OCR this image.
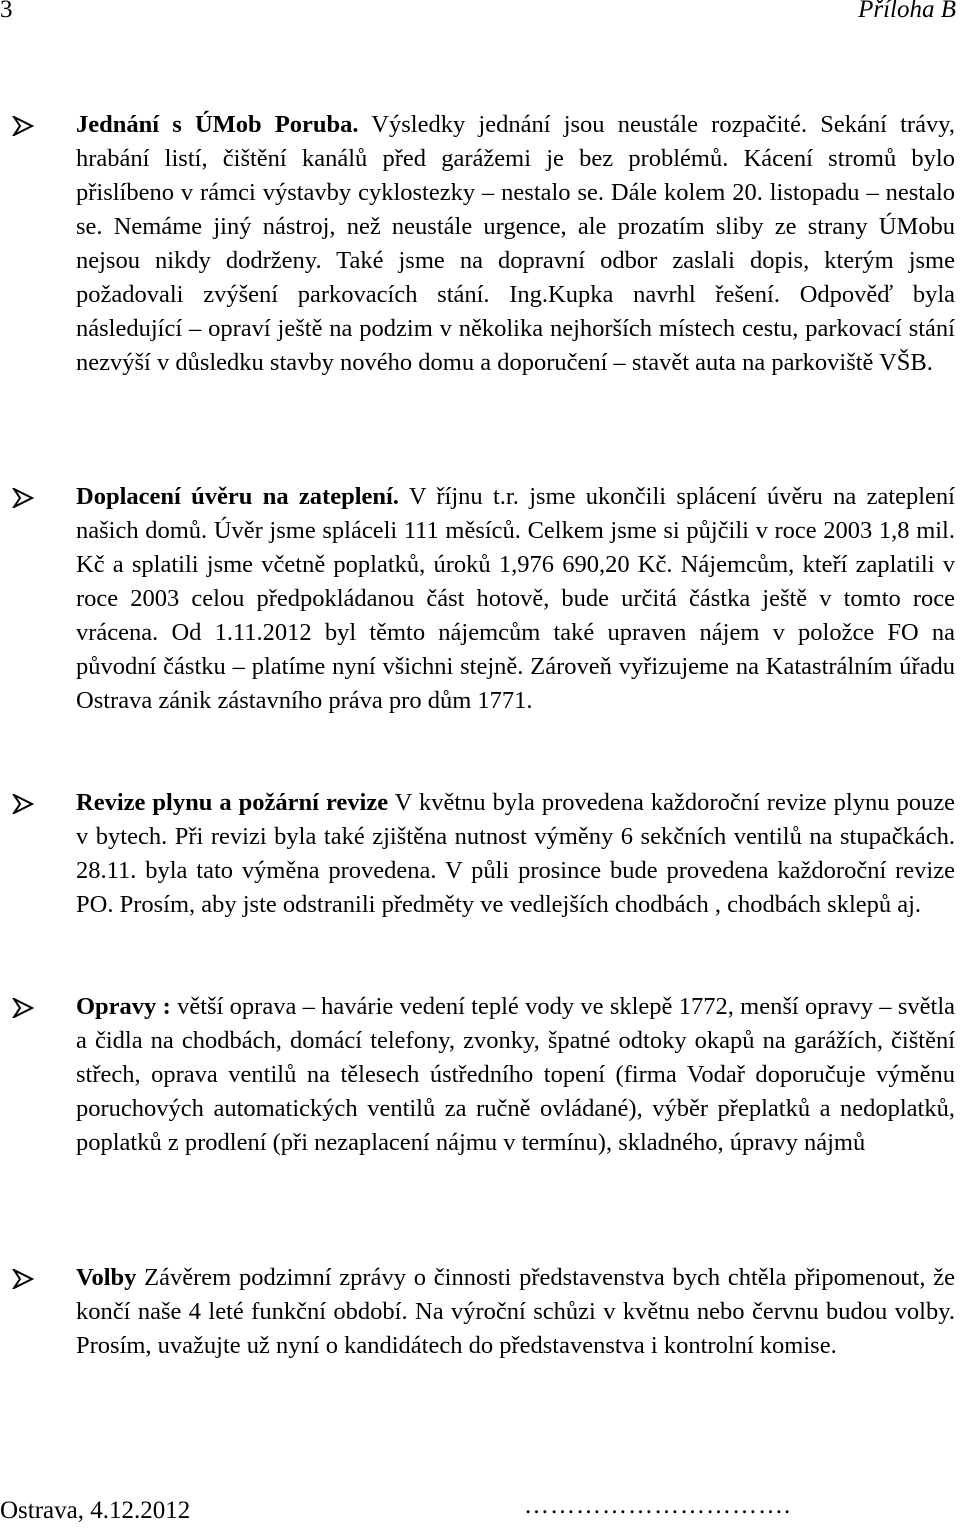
3	Příloha B
Jednání s ÚMob Poruba. Výsledky jednání jsou neustále rozpačité. Sekání trávy, hrabání listí, čištění kanálů před garážemi je bez problémů. Kácení stromů bylo přislíbeno v rámci výstavby cyklostezky – nestalo se. Dále kolem 20. listopadu – nestalo se. Nemáme jiný nástroj, než neustále urgence, ale prozatím sliby ze strany ÚMobu nejsou nikdy dodrženy. Také jsme na dopravní odbor zaslali dopis, kterým jsme požadovali zvýšení parkovacích stání. Ing.Kupka navrhl řešení. Odpověď byla následující – opraví ještě na podzim v několika nejhorších místech cestu, parkovací stání nezvýší v důsledku stavby nového domu a doporučení – stavět auta na parkoviště VŠB.
Doplacení úvěru na zateplení. V říjnu t.r. jsme ukončili splácení úvěru na zateplení našich domů. Úvěr jsme spláceli 111 měsíců. Celkem jsme si půjčili v roce 2003 1,8 mil. Kč a splatili jsme včetně poplatků, úroků 1,976 690,20 Kč. Nájemcům, kteří zaplatili v roce 2003 celou předpokládanou část hotově, bude určitá částka ještě v tomto roce vrácena. Od 1.11.2012 byl těmto nájemcům také upraven nájem v položce FO na původní částku – platíme nyní všichni stejně. Zároveň vyřizujeme na Katastrálním úřadu Ostrava zánik zástavního práva pro dům 1771.
Revize plynu a požární revize V květnu byla provedena každoroční revize plynu pouze v bytech. Při revizi byla také zjištěna nutnost výměny 6 sekčních ventilů na stupačkách. 28.11. byla tato výměna provedena. V půli prosince bude provedena každoroční revize PO. Prosím, aby jste odstranili předměty ve vedlejších chodbách , chodbách sklepů aj.
Opravy : větší oprava – havárie vedení teplé vody ve sklepě 1772, menší opravy – světla a čidla na chodbách, domácí telefony, zvonky, špatné odtoky okapů na garážích, čištění střech, oprava ventilů na tělesech ústředního topení (firma Vodař doporučuje výměnu poruchových automatických ventilů za ručně ovládané), výběr přeplatků a nedoplatků, poplatků z prodlení (při nezaplacení nájmu v termínu), skladného, úpravy nájmů
Volby Závěrem podzimní zprávy o činnosti představenstva bych chtěla připomenout, že končí naše 4 leté funkční období. Na výroční schůzi v květnu nebo červnu budou volby. Prosím, uvažujte už nyní o kandidátech do představenstva i kontrolní komise.
Ostrava, 4.12.2012	………………………….
